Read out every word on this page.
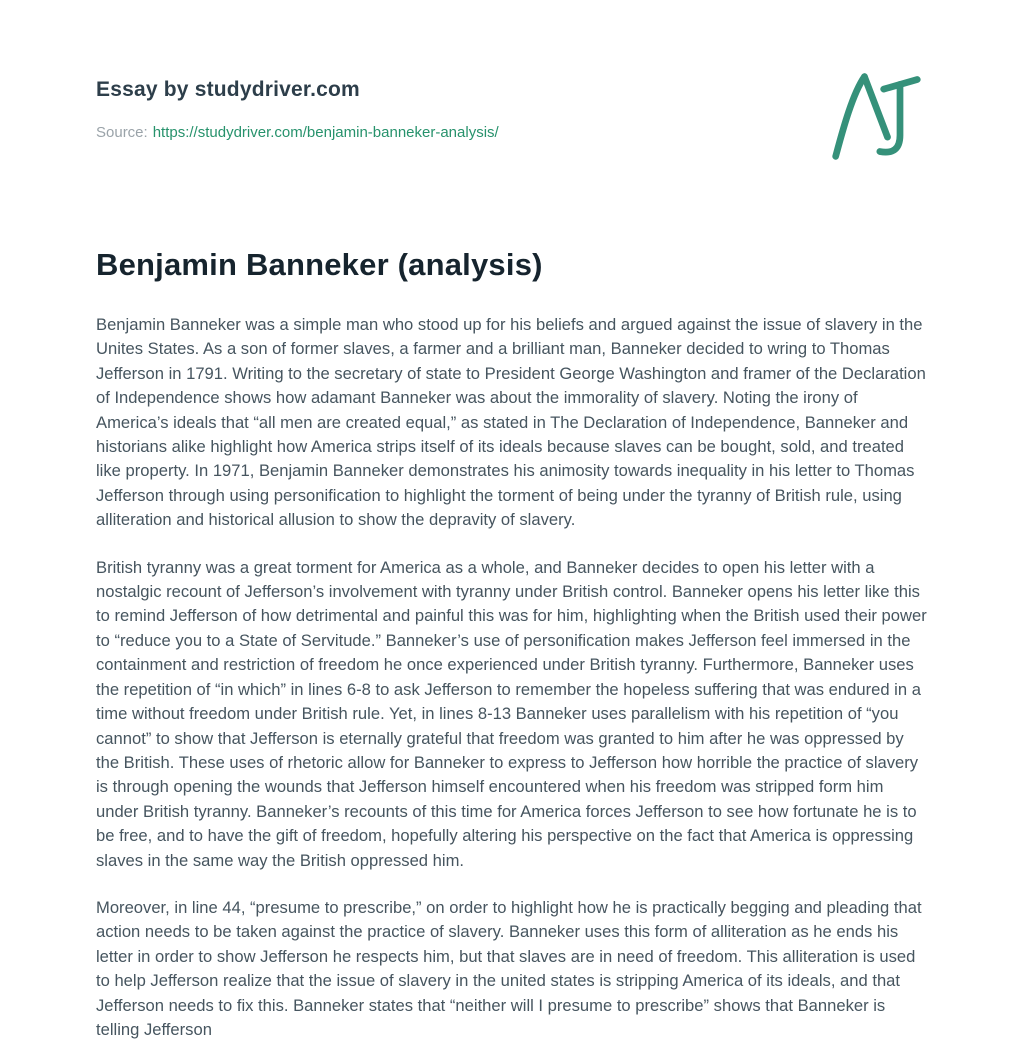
Essay by studydriver.com
Source: https://studydriver.com/benjamin-banneker-analysis/
Benjamin Banneker (analysis)

Benjamin Banneker was a simple man who stood up for his beliefs and argued against the issue of slavery in the Unites States. As a son of former slaves, a farmer and a brilliant man, Banneker decided to wring to Thomas Jefferson in 1791. Writing to the secretary of state to President George Washington and framer of the Declaration of Independence shows how adamant Banneker was about the immorality of slavery. Noting the irony of America’s ideals that “all men are created equal,” as stated in The Declaration of Independence, Banneker and historians alike highlight how America strips itself of its ideals because slaves can be bought, sold, and treated like property. In 1971, Benjamin Banneker demonstrates his animosity towards inequality in his letter to Thomas Jefferson through using personification to highlight the torment of being under the tyranny of British rule, using alliteration and historical allusion to show the depravity of slavery.

British tyranny was a great torment for America as a whole, and Banneker decides to open his letter with a nostalgic recount of Jefferson’s involvement with tyranny under British control. Banneker opens his letter like this to remind Jefferson of how detrimental and painful this was for him, highlighting when the British used their power to “reduce you to a State of Servitude.” Banneker’s use of personification makes Jefferson feel immersed in the containment and restriction of freedom he once experienced under British tyranny. Furthermore, Banneker uses the repetition of “in which” in lines 6-8 to ask Jefferson to remember the hopeless suffering that was endured in a time without freedom under British rule. Yet, in lines 8-13 Banneker uses parallelism with his repetition of “you cannot” to show that Jefferson is eternally grateful that freedom was granted to him after he was oppressed by the British. These uses of rhetoric allow for Banneker to express to Jefferson how horrible the practice of slavery is through opening the wounds that Jefferson himself encountered when his freedom was stripped form him under British tyranny. Banneker’s recounts of this time for America forces Jefferson to see how fortunate he is to be free, and to have the gift of freedom, hopefully altering his perspective on the fact that America is oppressing slaves in the same way the British oppressed him.

Moreover, in line 44, “presume to prescribe,” on order to highlight how he is practically begging and pleading that action needs to be taken against the practice of slavery. Banneker uses this form of alliteration as he ends his letter in order to show Jefferson he respects him, but that slaves are in need of freedom. This alliteration is used to help Jefferson realize that the issue of slavery in the united states is stripping America of its ideals, and that Jefferson needs to fix this. Banneker states that “neither will I presume to prescribe” shows that Banneker is telling Jefferson
